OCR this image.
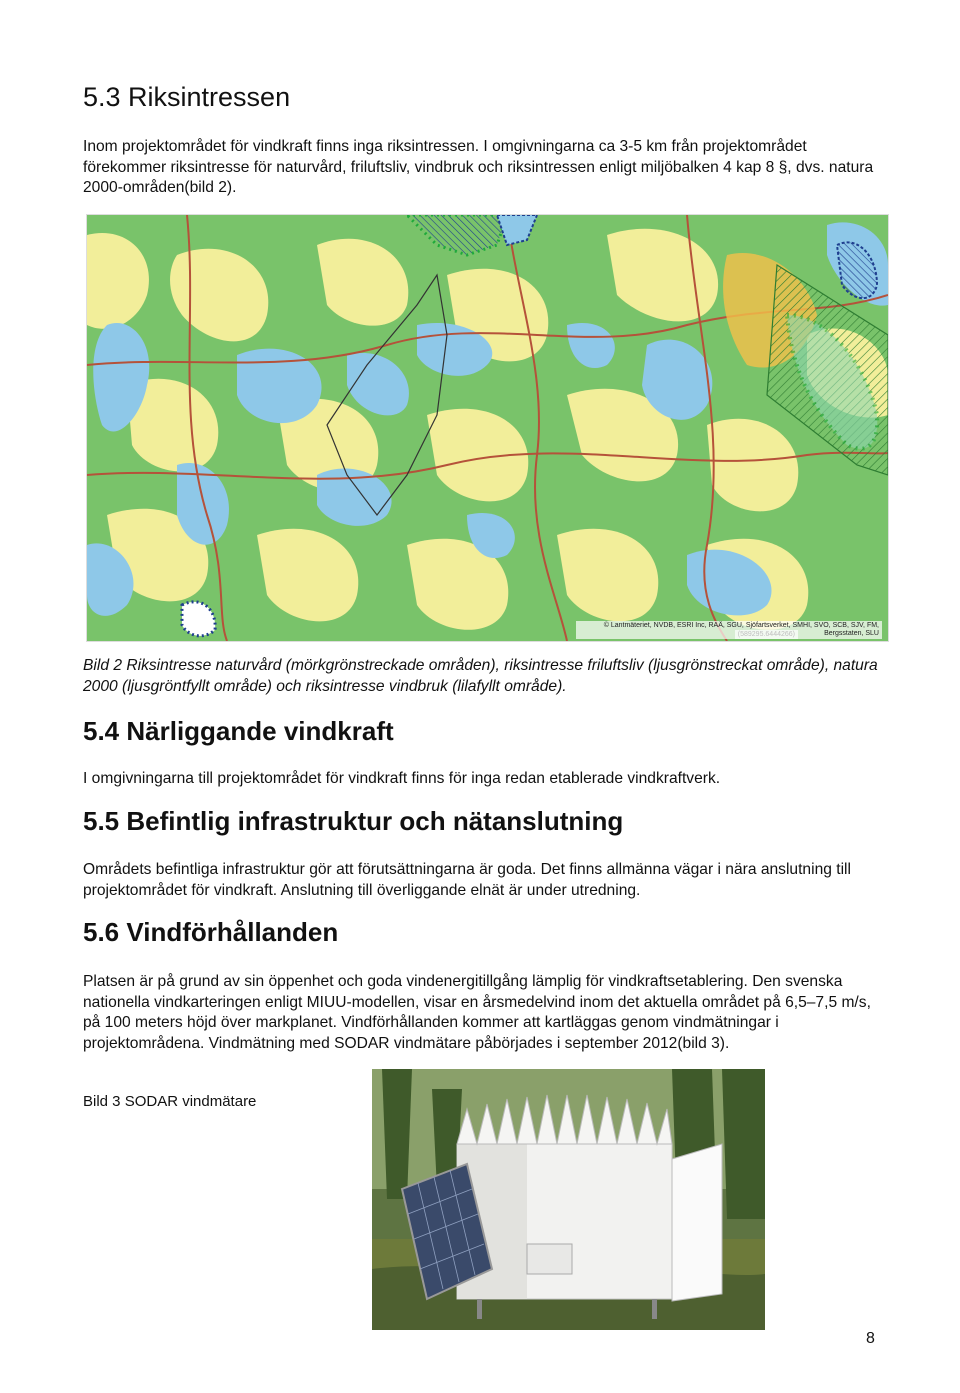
5.3 Riksintressen

Inom projektområdet för vindkraft finns inga riksintressen. I omgivningarna ca 3-5 km från projektområdet förekommer riksintresse för naturvård, friluftsliv, vindbruk och riksintressen enligt miljöbalken 4 kap 8 §, dvs. natura 2000-områden(bild 2).

© Lantmäteriet, NVDB, ESRI Inc, RAÄ, SGU, Sjöfartsverket, SMHI, SVO, SCB, SJV, FM, Bergsstaten, SLU

Bild 2 Riksintresse naturvård (mörkgrönstreckade områden), riksintresse friluftsliv (ljusgrönstreckat område), natura 2000 (ljusgröntfyllt område) och riksintresse vindbruk (lilafyllt område).

5.4 Närliggande vindkraft

I omgivningarna till projektområdet för vindkraft finns för inga redan etablerade vindkraftverk.

5.5 Befintlig infrastruktur och nätanslutning

Områdets befintliga infrastruktur gör att förutsättningarna är goda. Det finns allmänna vägar i nära anslutning till projektområdet för vindkraft. Anslutning till överliggande elnät är under utredning.

5.6 Vindförhållanden

Platsen är på grund av sin öppenhet och goda vindenergitillgång lämplig för vindkraftsetablering. Den svenska nationella vindkarteringen enligt MIUU-modellen, visar en årsmedelvind inom det aktuella området på 6,5–7,5 m/s, på 100 meters höjd över markplanet. Vindförhållanden kommer att kartläggas genom vindmätningar i projektområdena. Vindmätning med SODAR vindmätare påbörjades i september 2012(bild 3).

Bild 3 SODAR vindmätare
8
